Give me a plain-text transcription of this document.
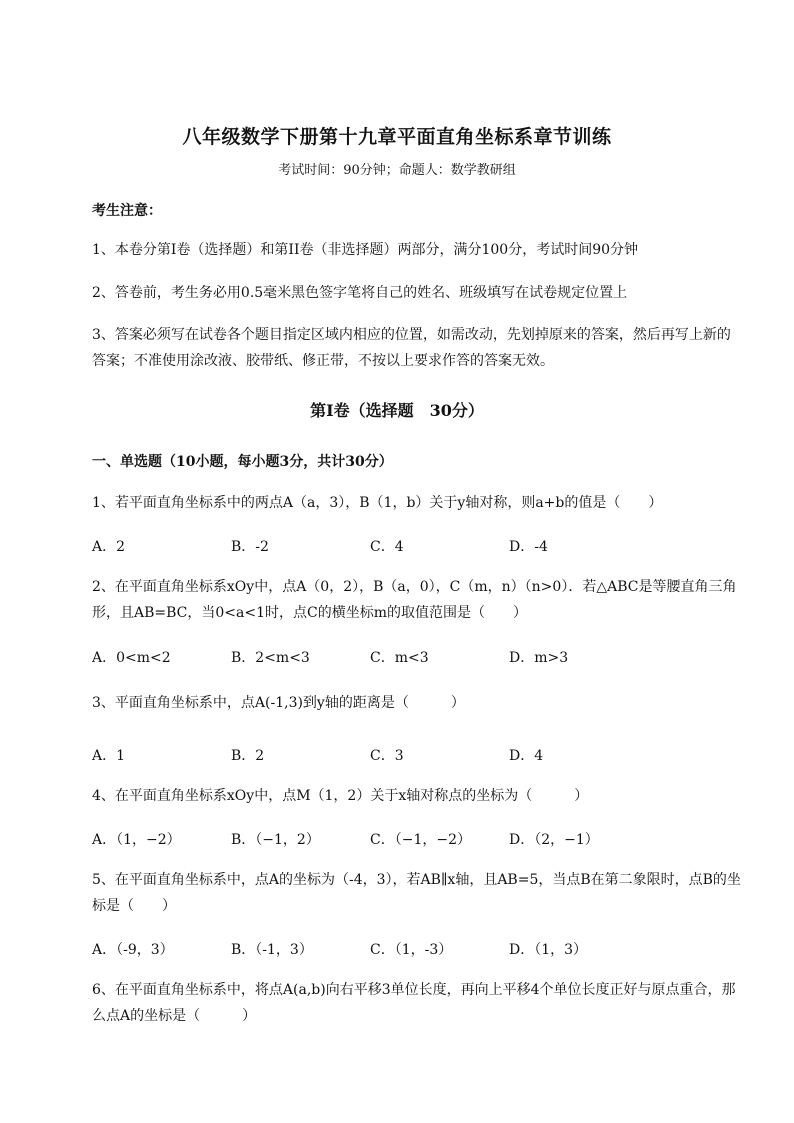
八年级数学下册第十九章平面直角坐标系章节训练
考试时间：90分钟；命题人：数学教研组
考生注意：
1、本卷分第I卷（选择题）和第II卷（非选择题）两部分，满分100分，考试时间90分钟
2、答卷前，考生务必用0.5毫米黑色签字笔将自己的姓名、班级填写在试卷规定位置上
3、答案必须写在试卷各个题目指定区域内相应的位置，如需改动，先划掉原来的答案，然后再写上新的答案；不准使用涂改液、胶带纸、修正带，不按以上要求作答的答案无效。
第I卷（选择题　30分）
一、单选题（10小题，每小题3分，共计30分）
1、若平面直角坐标系中的两点A（a，3），B（1，b）关于y轴对称，则a+b的值是（　　）
A．2	B．-2	C．4	D．-4
2、在平面直角坐标系xOy中，点A（0，2），B（a，0），C（m，n）（n>0）．若△ABC是等腰直角三角形，且AB=BC，当0<a<1时，点C的横坐标m的取值范围是（　　）
A．0<m<2	B．2<m<3	C．m<3	D．m>3
3、平面直角坐标系中，点A(-1,3)到y轴的距离是（　　　）
A．1	B．2	C．3	D．4
4、在平面直角坐标系xOy中，点M（1，2）关于x轴对称点的坐标为（　　　）
A．（1，−2）	B．（−1，2）	C．（−1，−2）	D．（2，−1）
5、在平面直角坐标系中，点A的坐标为（-4，3），若AB∥x轴，且AB=5，当点B在第二象限时，点B的坐标是（　　）
A．（-9，3）	B．（-1，3）	C．（1，-3）	D．（1，3）
6、在平面直角坐标系中，将点A(a,b)向右平移3单位长度，再向上平移4个单位长度正好与原点重合，那么点A的坐标是（　　　）
